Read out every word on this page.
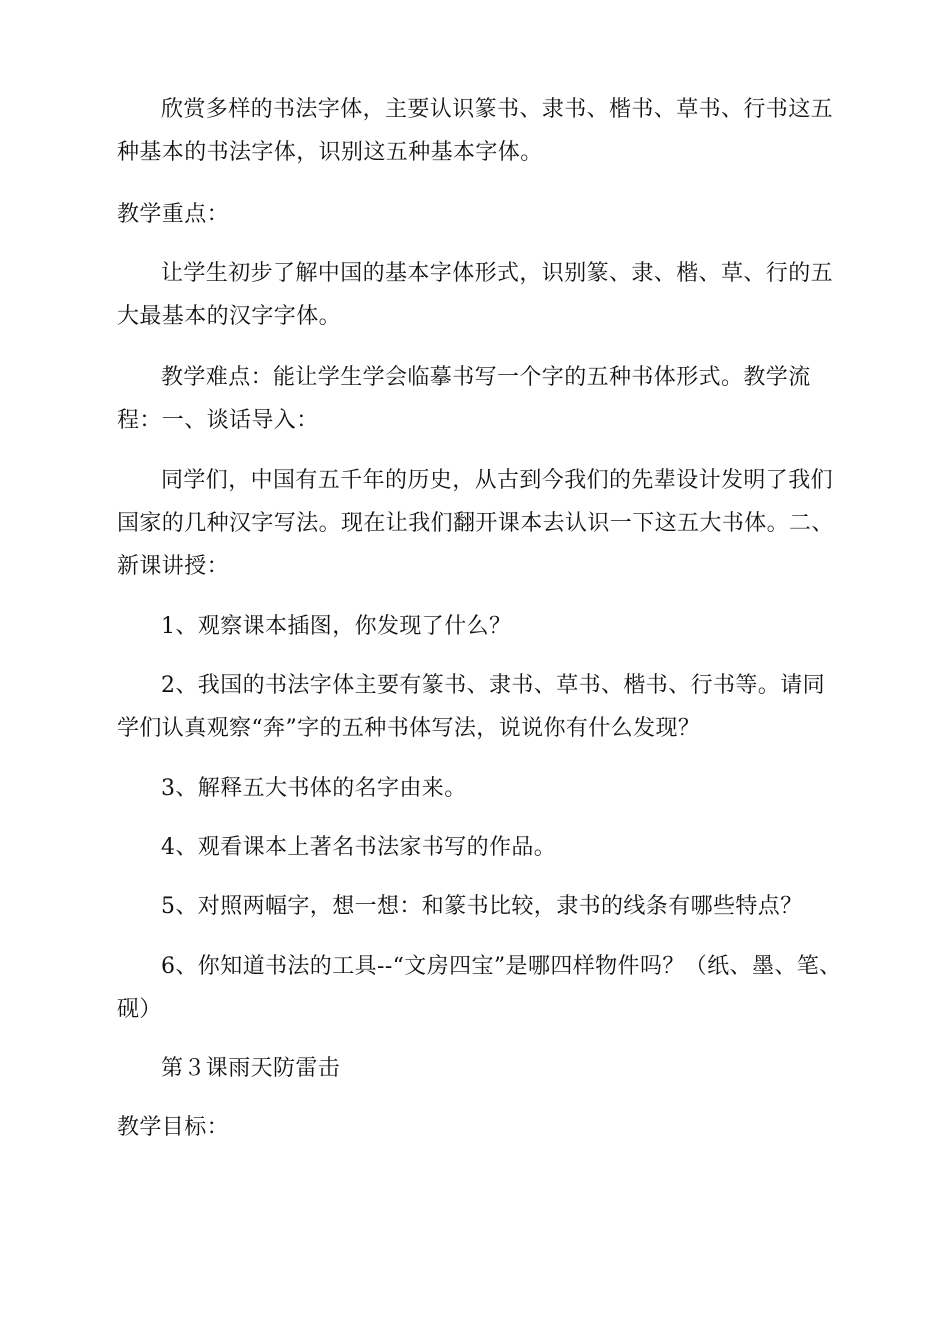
欣赏多样的书法字体，主要认识篆书、隶书、楷书、草书、行书这五种基本的书法字体，识别这五种基本字体。

教学重点：

让学生初步了解中国的基本字体形式，识别篆、隶、楷、草、行的五大最基本的汉字字体。

教学难点：能让学生学会临摹书写一个字的五种书体形式。教学流程：一、谈话导入：

同学们，中国有五千年的历史，从古到今我们的先辈设计发明了我们国家的几种汉字写法。现在让我们翻开课本去认识一下这五大书体。二、新课讲授：

1、观察课本插图，你发现了什么？

2、我国的书法字体主要有篆书、隶书、草书、楷书、行书等。请同学们认真观察“奔”字的五种书体写法，说说你有什么发现？

3、解释五大书体的名字由来。

4、观看课本上著名书法家书写的作品。

5、对照两幅字，想一想：和篆书比较，隶书的线条有哪些特点？

6、你知道书法的工具--“文房四宝”是哪四样物件吗？（纸、墨、笔、砚）

第３课雨天防雷击

教学目标：
